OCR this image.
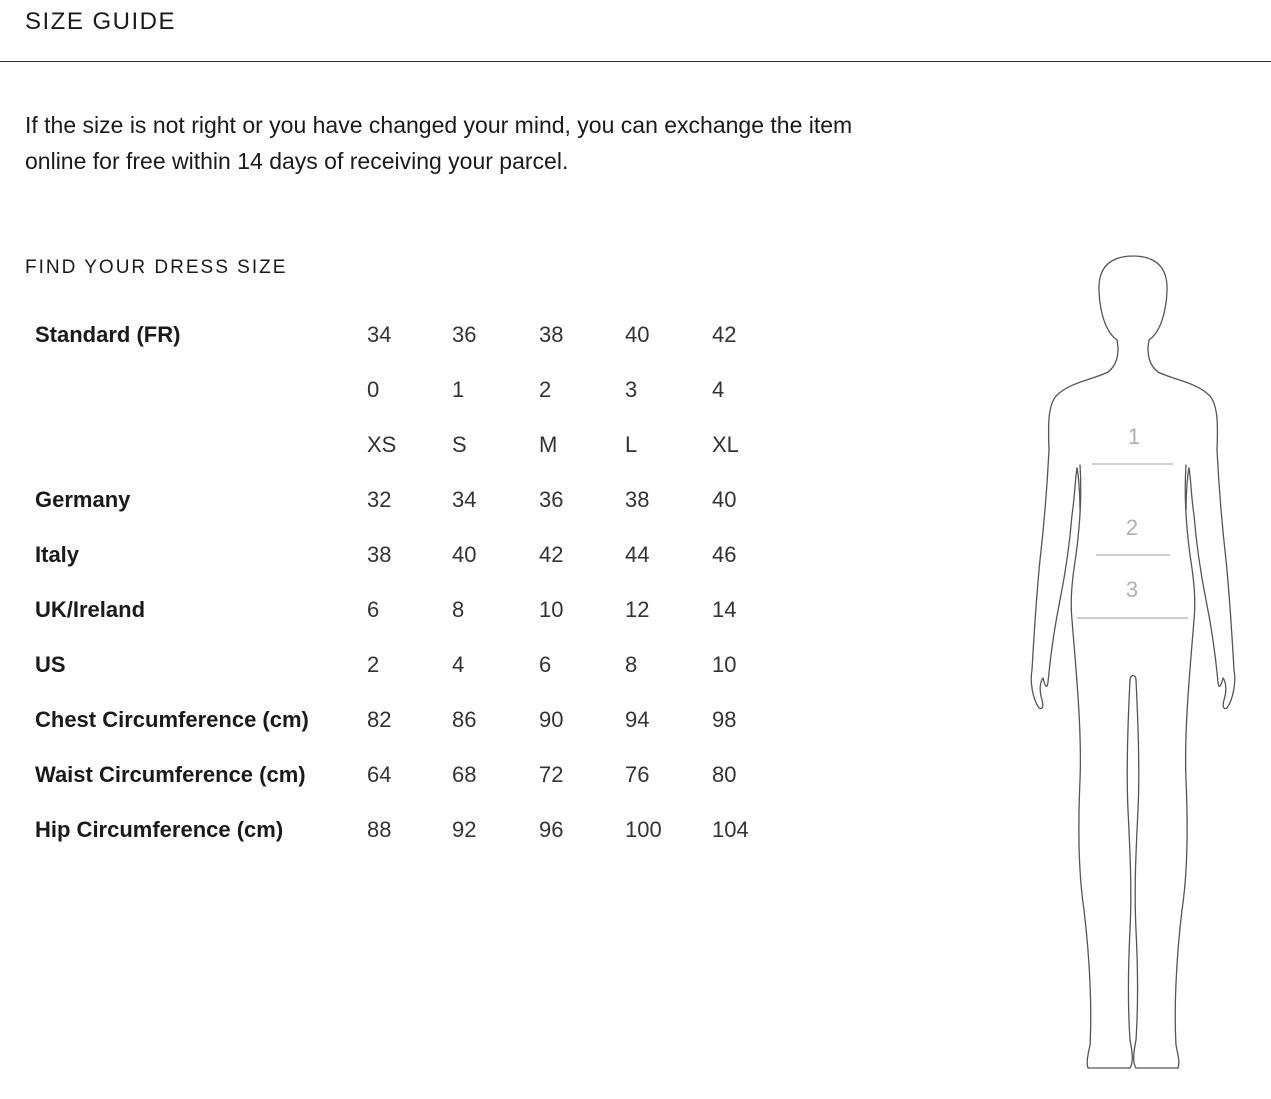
SIZE GUIDE
If the size is not right or you have changed your mind, you can exchange the item online for free within 14 days of receiving your parcel.
FIND YOUR DRESS SIZE
Standard (FR)	34	36	38	40	42
	0	1	2	3	4
	XS	S	M	L	XL
Germany	32	34	36	38	40
Italy	38	40	42	44	46
UK/Ireland	6	8	10	12	14
US	2	4	6	8	10
Chest Circumference (cm)	82	86	90	94	98
Waist Circumference (cm)	64	68	72	76	80
Hip Circumference (cm)	88	92	96	100	104
1
2
3
